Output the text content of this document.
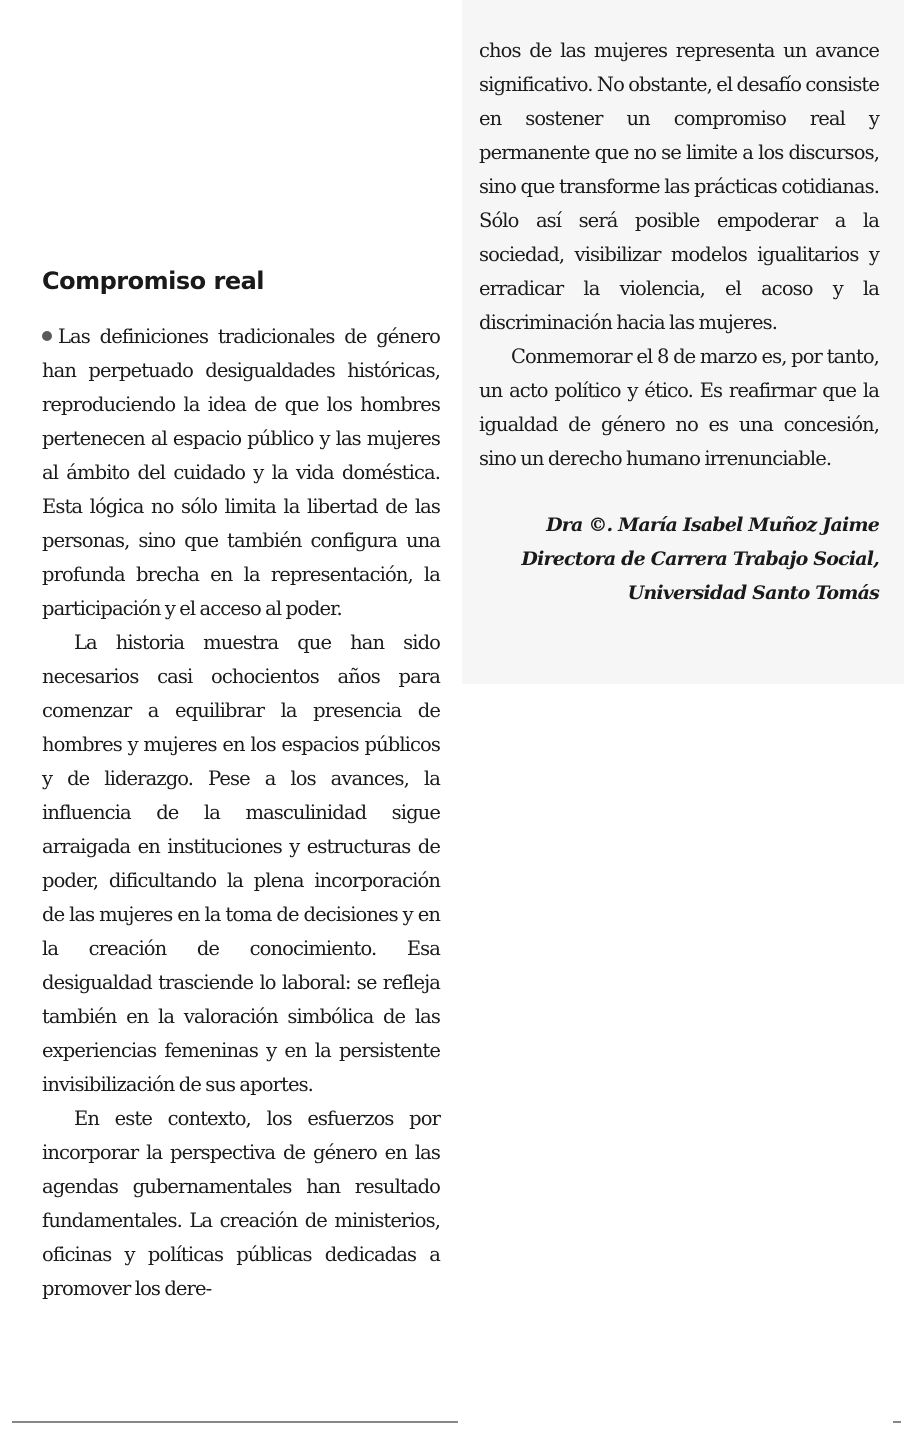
Compromiso real

Las definiciones tradicionales de género han perpetuado desigualdades históricas, reproduciendo la idea de que los hombres pertenecen al espacio público y las mujeres al ámbito del cuidado y la vida doméstica. Esta lógica no sólo limita la libertad de las personas, sino que también configura una profunda brecha en la representación, la participación y el acceso al poder.

La historia muestra que han sido necesarios casi ochocientos años para comenzar a equilibrar la presencia de hombres y mujeres en los espacios públicos y de liderazgo. Pese a los avances, la influencia de la masculinidad sigue arraigada en instituciones y estructuras de poder, dificultando la plena incorporación de las mujeres en la toma de decisiones y en la creación de conocimiento. Esa desigualdad trasciende lo laboral: se refleja también en la valoración simbólica de las experiencias femeninas y en la persistente invisibilización de sus aportes.

En este contexto, los esfuerzos por incorporar la perspectiva de género en las agendas gubernamentales han resultado fundamentales. La creación de ministerios, oficinas y políticas públicas dedicadas a promover los dere-

chos de las mujeres representa un avance significativo. No obstante, el desafío consiste en sostener un compromiso real y permanente que no se limite a los discursos, sino que transforme las prácticas cotidianas. Sólo así será posible empoderar a la sociedad, visibilizar modelos igualitarios y erradicar la violencia, el acoso y la discriminación hacia las mujeres.

Conmemorar el 8 de marzo es, por tanto, un acto político y ético. Es reafirmar que la igualdad de género no es una concesión, sino un derecho humano irrenunciable.

Dra ©. María Isabel Muñoz Jaime
Directora de Carrera Trabajo Social,
Universidad Santo Tomás
